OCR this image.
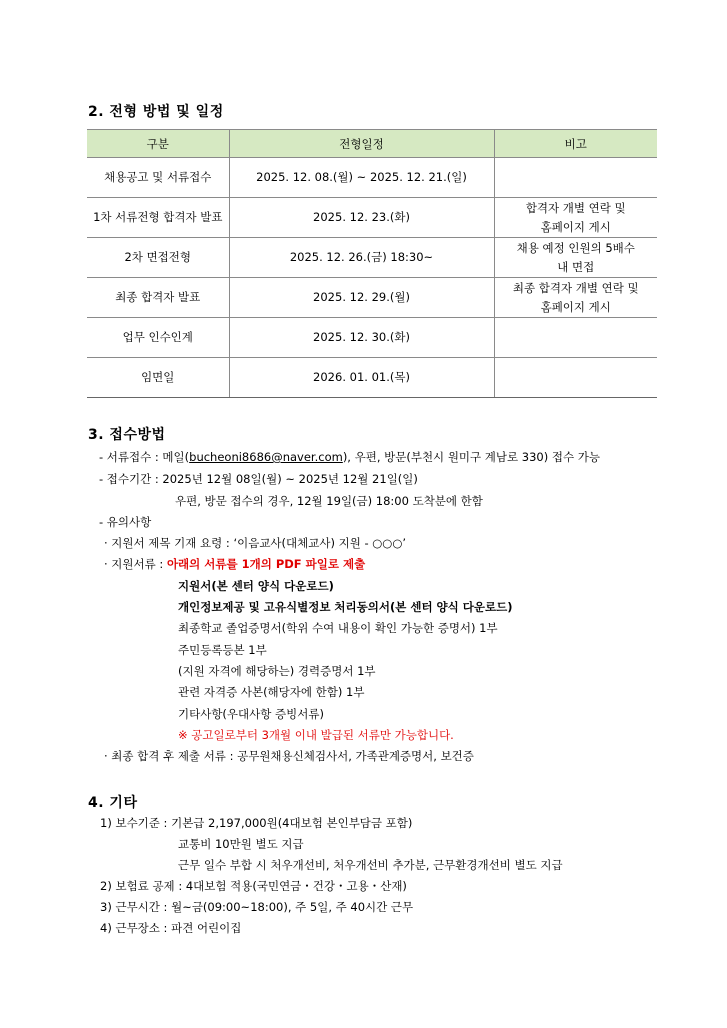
2. 전형 방법 및 일정
구분	전형일정	비고
채용공고 및 서류접수	2025. 12. 08.(월) ~ 2025. 12. 21.(일)	

1차 서류전형 합격자 발표	2025. 12. 23.(화)	합격자 개별 연락 및
홈페이지 게시
2차 면접전형	2025. 12. 26.(금) 18:30~	채용 예정 인원의 5배수
내 면접
최종 합격자 발표	2025. 12. 29.(월)	최종 합격자 개별 연락 및
홈페이지 게시
업무 인수인계	2025. 12. 30.(화)	

임면일	2026. 01. 01.(목)	

3. 접수방법
- 서류접수 : 메일(bucheoni8686@naver.com), 우편, 방문(부천시 원미구 계남로 330) 접수 가능
- 접수기간 : 2025년 12월 08일(월) ~ 2025년 12월 21일(일)
우편, 방문 접수의 경우, 12월 19일(금) 18:00 도착분에 한함
- 유의사항
· 지원서 제목 기재 요령 : ‘이음교사(대체교사) 지원 - ○○○’
· 지원서류 : 아래의 서류를 1개의 PDF 파일로 제출
지원서(본 센터 양식 다운로드)
개인정보제공 및 고유식별정보 처리동의서(본 센터 양식 다운로드)
최종학교 졸업증명서(학위 수여 내용이 확인 가능한 증명서) 1부
주민등록등본 1부
(지원 자격에 해당하는) 경력증명서 1부
관련 자격증 사본(해당자에 한함) 1부
기타사항(우대사항 증빙서류)
※ 공고일로부터 3개월 이내 발급된 서류만 가능합니다.
· 최종 합격 후 제출 서류 : 공무원채용신체검사서, 가족관계증명서, 보건증
4. 기타
1) 보수기준 : 기본급 2,197,000원(4대보험 본인부담금 포함)
교통비 10만원 별도 지급
근무 일수 부합 시 처우개선비, 처우개선비 추가분, 근무환경개선비 별도 지급
2) 보험료 공제 : 4대보험 적용(국민연금・건강・고용・산재)
3) 근무시간 : 월~금(09:00~18:00), 주 5일, 주 40시간 근무
4) 근무장소 : 파견 어린이집
